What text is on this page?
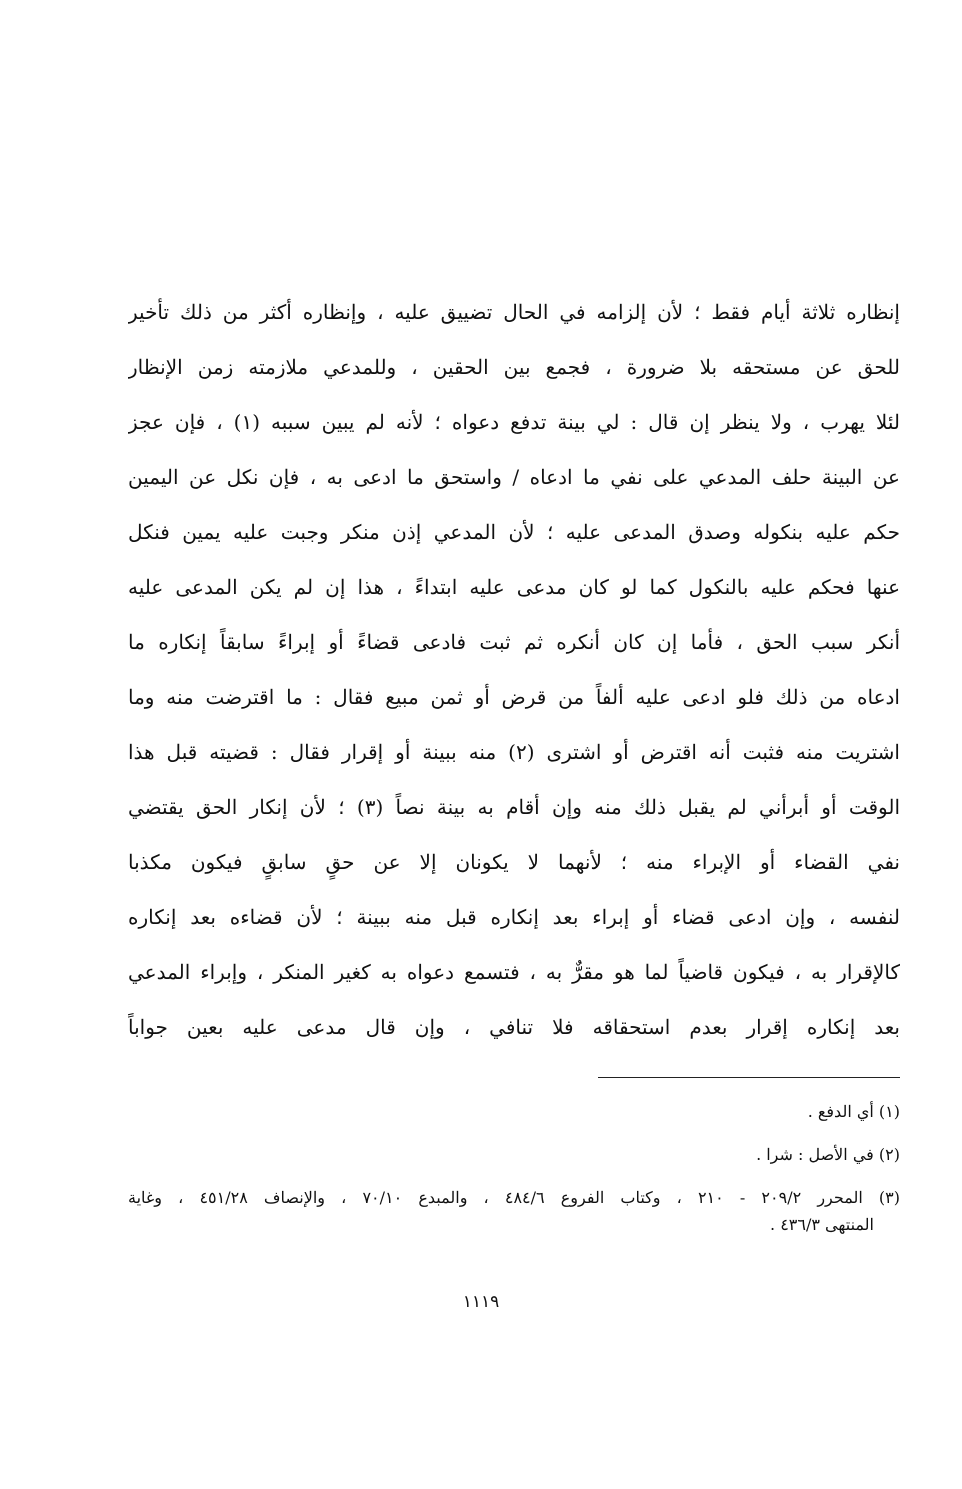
إنظاره ثلاثة أيام فقط ؛ لأن إلزامه في الحال تضييق عليه ، وإنظاره أكثر من ذلك تأخير
للحق عن مستحقه بلا ضرورة ، فجمع بين الحقين ، وللمدعي ملازمته زمن الإنظار
لئلا يهرب ، ولا ينظر إن قال : لي بينة تدفع دعواه ؛ لأنه لم يبين سببه (١) ، فإن عجز
عن البينة حلف المدعي على نفي ما ادعاه / واستحق ما ادعى به ، فإن نكل عن اليمين
حكم عليه بنكوله وصدق المدعى عليه ؛ لأن المدعي إذن منكر وجبت عليه يمين فنكل
عنها فحكم عليه بالنكول كما لو كان مدعى عليه ابتداءً ، هذا إن لم يكن المدعى عليه
أنكر سبب الحق ، فأما إن كان أنكره ثم ثبت فادعى قضاءً أو إبراءً سابقاً إنكاره ما
ادعاه من ذلك فلو ادعى عليه ألفاً من قرض أو ثمن مبيع فقال : ما اقترضت منه وما
اشتريت منه فثبت أنه اقترض أو اشترى (٢) منه ببينة أو إقرار فقال : قضيته قبل هذا
الوقت أو أبرأني لم يقبل ذلك منه وإن أقام به بينة نصاً (٣) ؛ لأن إنكار الحق يقتضي
نفي القضاء أو الإبراء منه ؛ لأنهما لا يكونان إلا عن حقٍ سابقٍ فيكون مكذبا
لنفسه ، وإن ادعى قضاء أو إبراء بعد إنكاره قبل منه ببينة ؛ لأن قضاءه بعد إنكاره
كالإقرار به ، فيكون قاضياً لما هو مقرٌّ به ، فتسمع دعواه به كغير المنكر ، وإبراء المدعي
بعد إنكاره إقرار بعدم استحقاقه فلا تنافي ، وإن قال مدعى عليه بعين جواباً
(١) أي الدفع .
(٢) في الأصل : شرا .
(٣) المحرر ٢٠٩/٢ - ٢١٠ ، وكتاب الفروع ٤٨٤/٦ ، والمبدع ٧٠/١٠ ، والإنصاف ٤٥١/٢٨ ، وغاية
المنتهى ٤٣٦/٣ .
١١١٩
